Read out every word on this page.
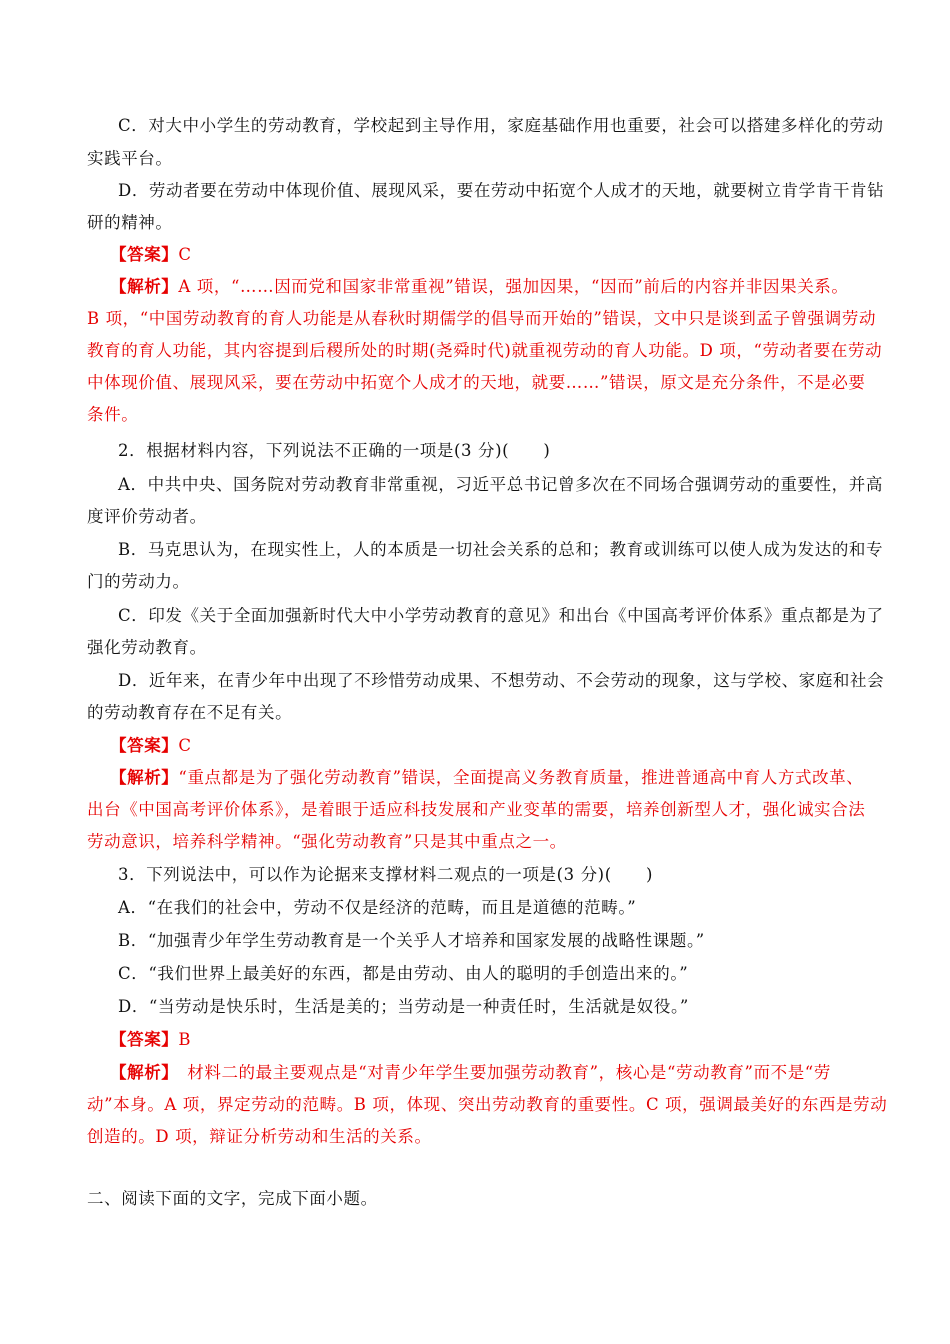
C．对大中小学生的劳动教育，学校起到主导作用，家庭基础作用也重要，社会可以搭建多样化的劳动
实践平台。
D．劳动者要在劳动中体现价值、展现风采，要在劳动中拓宽个人成才的天地，就要树立肯学肯干肯钻
研的精神。
【答案】C
【解析】A 项，“……因而党和国家非常重视”错误，强加因果，“因而”前后的内容并非因果关系。
B 项，“中国劳动教育的育人功能是从春秋时期儒学的倡导而开始的”错误，文中只是谈到孟子曾强调劳动
教育的育人功能，其内容提到后稷所处的时期(尧舜时代)就重视劳动的育人功能。D 项，“劳动者要在劳动
中体现价值、展现风采，要在劳动中拓宽个人成才的天地，就要……”错误，原文是充分条件，不是必要
条件。
2．根据材料内容，下列说法不正确的一项是(3 分)(　　)
A．中共中央、国务院对劳动教育非常重视，习近平总书记曾多次在不同场合强调劳动的重要性，并高
度评价劳动者。
B．马克思认为，在现实性上，人的本质是一切社会关系的总和；教育或训练可以使人成为发达的和专
门的劳动力。
C．印发《关于全面加强新时代大中小学劳动教育的意见》和出台《中国高考评价体系》重点都是为了
强化劳动教育。
D．近年来，在青少年中出现了不珍惜劳动成果、不想劳动、不会劳动的现象，这与学校、家庭和社会
的劳动教育存在不足有关。
【答案】C
【解析】“重点都是为了强化劳动教育”错误，全面提高义务教育质量，推进普通高中育人方式改革、
出台《中国高考评价体系》，是着眼于适应科技发展和产业变革的需要，培养创新型人才，强化诚实合法
劳动意识，培养科学精神。“强化劳动教育”只是其中重点之一。
3．下列说法中，可以作为论据来支撑材料二观点的一项是(3 分)(　　)
A．“在我们的社会中，劳动不仅是经济的范畴，而且是道德的范畴。”
B．“加强青少年学生劳动教育是一个关乎人才培养和国家发展的战略性课题。”
C．“我们世界上最美好的东西，都是由劳动、由人的聪明的手创造出来的。”
D．“当劳动是快乐时，生活是美的；当劳动是一种责任时，生活就是奴役。”
【答案】B
【解析】　材料二的最主要观点是“对青少年学生要加强劳动教育”，核心是“劳动教育”而不是“劳
动”本身。A 项，界定劳动的范畴。B 项，体现、突出劳动教育的重要性。C 项，强调最美好的东西是劳动
创造的。D 项，辩证分析劳动和生活的关系。
二、阅读下面的文字，完成下面小题。
